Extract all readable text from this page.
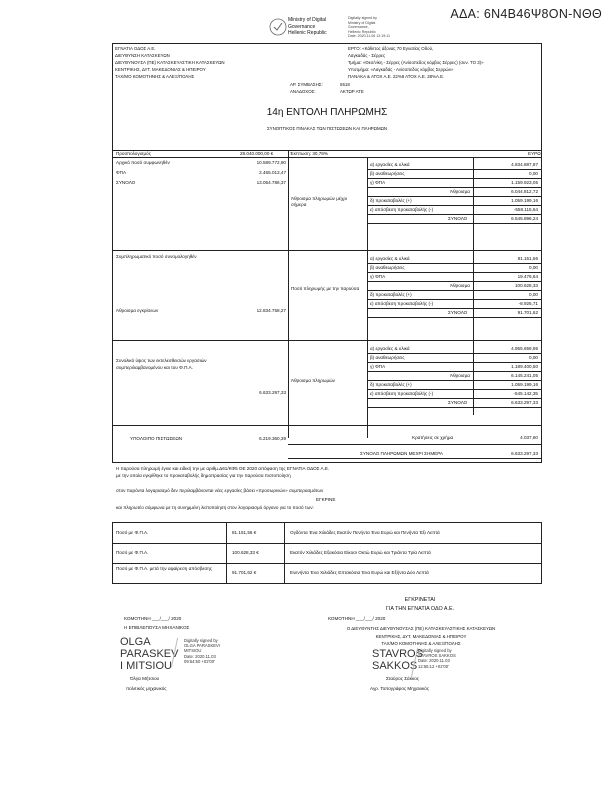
ΑΔΑ: 6Ν4Β46Ψ8ΟΝ-ΝΘΘ
Ministry of Digital
Governance
Hellenic Republic
Digitally signed by
Ministry of Digital
Governance,
Hellenic Republic
Date: 2020.11.06 12:19:11
ΕΓΝΑΤΙΑ ΟΔΟΣ Α.Ε.
ΔΙΕΥΘΥΝΣΗ ΚΑΤΑΣΚΕΥΩΝ
ΔΙΕΥΘΥΝΟΥΣΑ (ΠΕ) ΚΑΤΑΣΚΕΥΑΣΤΙΚΗ ΚΑΤΑΣΚΕΥΩΝ
ΚΕΝΤΡΙΚΗΣ, ΔΥΤ. ΜΑΚΕΔΟΝΙΑΣ & ΗΠΕΙΡΟΥ
ΤΑΧ/ΜΟ ΚΟΜΟΤΗΝΗΣ & ΑΛΕΞ/ΠΟΛΗΣ
ΕΡΓΟ: «Κάθετος άξονας 70 Εγνατίας Οδού,
Λαγκαδάς - Σέρρες
Τμήμα: «Θεσ/νίκη - Σέρρες (Ανίσοπεδος κόμβος Σέρρες) (συν. ΤΟ 3)»
Υποτμήμα: «Λαγκαδάς - Ανίσοπεδος κόμβος Σερρών»
ΠΑΝΑΚΑ & ΑΤΟΧ Α.Ε. 22%8 ΑΤΟΧ Α.Ε. 28%Α.Ε.
ΑΡ. ΣΥΜΒΑΣΗΣ:
ΑΝΑΔΟΧΟΣ:
5518
ΑΚΤΩΡ ΑΤΕ
14η ΕΝΤΟΛΗ ΠΛΗΡΩΜΗΣ
ΣΥΝΟΠΤΙΚΟΣ ΠΙΝΑΚΑΣ ΤΩΝ ΠΙΣΤΩΣΕΩΝ ΚΑΙ ΠΛΗΡΩΜΩΝ
Προϋπολογισμός	28.040.000,00 €	Έκπτωση: 30,79%	ΕΥΡΩ
Αρχικό ποσό συμφωνηθέν	10.589.772,90
ΦΠΑ	2.465.013,47
ΣΥΝΟΛΟ	13.054.786,37
Άθροισμα πληρωμών μέχρι σήμερα
α) εργασίες & υλικά	4.834.887,87
β) αναθεωρήσεις	0,00
γ) ΦΠΑ	1.159.923,05
Άθροισμα	6.044.812,72
δ) προκαταβολές (+)	1.059.199,16
ε) απόσβεση προκαταβολής (-)	-558.115,64
ΣΥΝΟΛΟ	6.545.896,24
Συμπληρωματικό ποσό συνομολογηθέν
Άθροισμα εγκρίσεων	12.834.758,27
Ποσό πληρωμής με την παρούσα
α) εργασίες & υλικά	81.151,56
β) αναθεωρήσεις	0,00
γ) ΦΠΑ	19.476,64
Άθροισμα	100.628,33
δ) προκαταβολές (+)	0,00
ε) απόσβεση προκαταβολής (-)	-8.926,71
ΣΥΝΟΛΟ	91.701,62
Συνολικό ύψος των εκτελεσθεισών εργασιών συμπεριλαμβανομένου και του Φ.Π.Α.
6.633.297,33
Άθροισμα πληρωμών
α) εργασίες & υλικά	4.955.659,95
β) αναθεωρήσεις	0,00
γ) ΦΠΑ	1.189.400,50
Άθροισμα	6.145.241,05
δ) προκαταβολές (+)	1.059.199,16
ε) απόσβεση προκαταβολής (-)	-545.142,35
ΣΥΝΟΛΟ	6.633.297,33
ΥΠΟΛΟΙΠΟ ΠΙΣΤΩΣΕΩΝ	6.219.360,39	Κρατήσεις σε χρήμα	4.037,60
ΣΥΝΟΛΟ ΠΛΗΡΩΜΩΝ ΜΕΧΡΙ ΣΗΜΕΡΑ	6.633.297,33
Η παρούσα πληρωμή έγινε και ειδική την με αριθμ.Δ61/ΚΦ5 ΟΕ 2020 απόφαση της ΕΓΝΑΤΙΑ ΟΔΟΣ Α.Ε.
με την οποία εγκρίθηκε το προκαταβολής δημοπρασίας για την παρούσα πιστοποίηση
στον παρόντα λογαριασμό δεν περιλαμβάνονται νέες εργασίες βάσει «προσωρινών» συμπερασμάτων
ΕΓΚΡΙΝΕ
και πληρωτέο σύμφωνα με τη συνημμένη λιστοποίηση στον λογαριασμό όργανο για το ποσό των:
Ποσό με Φ.Π.Α.	81.151,56 €	Ογδόντα Ένα Χιλιάδες Εκατόν Πενήντα Ένα Ευρώ και Πενήντα Έξι Λεπτά
Ποσό με Φ.Π.Α.	100.628,33 €	Εκατόν Χιλιάδες Εξακόσια Είκοσι Οκτώ Ευρώ και Τριάντα Τρία Λεπτά
Ποσό με Φ.Π.Α. μετά την αφαίρεση απόσβεσης
91.701,62 €	Ενενήντα Ένα Χιλιάδες Επτακόσια Ένα Ευρώ και Εξήντα Δύο Λεπτά
ΕΓΚΡΙΝΕΤΑΙ
ΓΙΑ ΤΗΝ ΕΓΝΑΤΙΑ ΟΔΟ Α.Ε.
ΚΟΜΟΤΗΝΗ ___/___/ 2020
Ο ΔΙΕΥΘΥΝΤΗΣ ΔΙΕΥΘΥΝΟΥΣΑΣ (ΠΕ) ΚΑΤΑΣΚΕΥΑΣΤΙΚΗΣ ΚΑΤΑΣΚΕΥΩΝ
ΚΕΝΤΡΙΚΗΣ, ΔΥΤ. ΜΑΚΕΔΟΝΙΑΣ & ΗΠΕΙΡΟΥ
ΤΑΧ/ΜΟ ΚΟΜΟΤΗΝΗΣ & ΑΛΕΞ/ΠΟΛΗΣ
ΚΟΜΟΤΗΝΗ ___/___/ 2020
Η ΕΠΙΒΛΕΠΟΥΣΑ ΜΗΧΑΝΙΚΟΣ
OLGA
PARASKEV
I MITSIOU
Digitally signed by
OLGA PARASKEVI
MITSIOU
Date: 2020.11.03
09:54:50 +02'00'
Όλγα Μήτσιου
πολιτικός μηχανικός
STAVROS
SAKKOS
Digitally signed by
STAVROS SAKKOS
Date: 2020.11.03
12:55:12 +02'00'
Σταύρος Σάκκος
Αγρ. Τοπογράφος Μηχανικός
